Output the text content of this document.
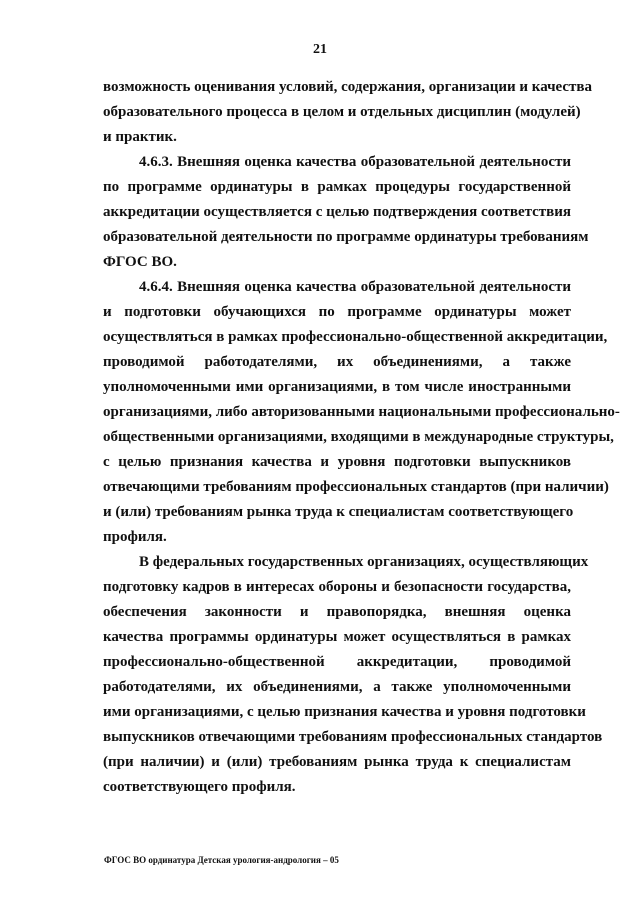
21
возможность оценивания условий, содержания, организации и качества
образовательного процесса в целом и отдельных дисциплин (модулей)
и практик.
4.6.3. Внешняя оценка качества образовательной деятельности
по программе ординатуры в рамках процедуры государственной
аккредитации осуществляется с целью подтверждения соответствия
образовательной деятельности по программе ординатуры требованиям
ФГОС ВО.
4.6.4. Внешняя оценка качества образовательной деятельности
и подготовки обучающихся по программе ординатуры может
осуществляться в рамках профессионально-общественной аккредитации,
проводимой работодателями, их объединениями, а также
уполномоченными ими организациями, в том числе иностранными
организациями, либо авторизованными национальными профессионально-
общественными организациями, входящими в международные структуры,
с целью признания качества и уровня подготовки выпускников
отвечающими требованиям профессиональных стандартов (при наличии)
и (или) требованиям рынка труда к специалистам соответствующего
профиля.
В федеральных государственных организациях, осуществляющих
подготовку кадров в интересах обороны и безопасности государства,
обеспечения законности и правопорядка, внешняя оценка
качества программы ординатуры может осуществляться в рамках
профессионально-общественной аккредитации, проводимой
работодателями, их объединениями, а также уполномоченными
ими организациями, с целью признания качества и уровня подготовки
выпускников отвечающими требованиям профессиональных стандартов
(при наличии) и (или) требованиям рынка труда к специалистам
соответствующего профиля.
ФГОС ВО ординатура Детская урология-андрология – 05
